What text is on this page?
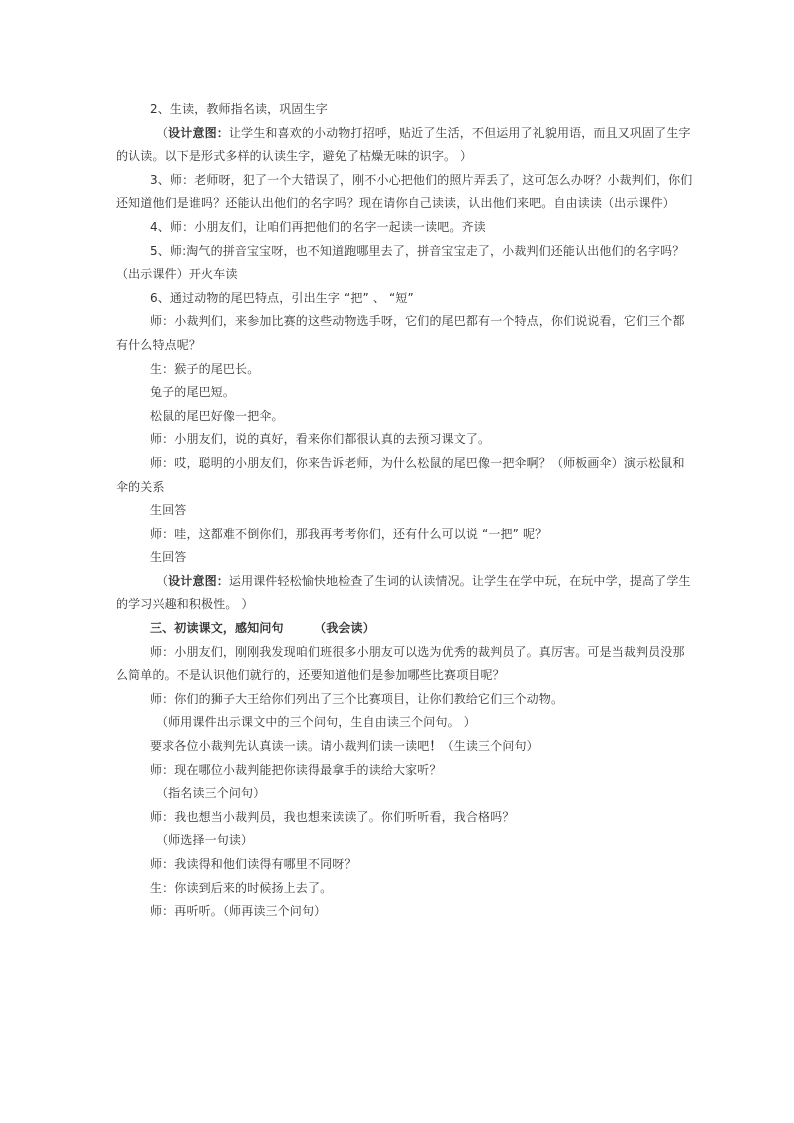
2、生读，教师指名读，巩固生字

（设计意图：让学生和喜欢的小动物打招呼，贴近了生活，不但运用了礼貌用语，而且又巩固了生字的认读。以下是形式多样的认读生字，避免了枯燥无味的识字。 ）

3、师：老师呀，犯了一个大错误了，刚不小心把他们的照片弄丢了，这可怎么办呀？小裁判们，你们还知道他们是谁吗？还能认出他们的名字吗？现在请你自己读读，认出他们来吧。自由读读（出示课件）

4、师：小朋友们，让咱们再把他们的名字一起读一读吧。齐读

5、师:淘气的拼音宝宝呀，也不知道跑哪里去了，拼音宝宝走了，小裁判们还能认出他们的名字吗？（出示课件）开火车读

6、通过动物的尾巴特点，引出生字 “把” 、 “短”

师：小裁判们，来参加比赛的这些动物选手呀，它们的尾巴都有一个特点，你们说说看，它们三个都有什么特点呢？

生：猴子的尾巴长。

兔子的尾巴短。

松鼠的尾巴好像一把伞。

师：小朋友们，说的真好，看来你们都很认真的去预习课文了。

师：哎，聪明的小朋友们，你来告诉老师，为什么松鼠的尾巴像一把伞啊？（师板画伞）演示松鼠和伞的关系

生回答

师：哇，这都难不倒你们，那我再考考你们，还有什么可以说 “一把” 呢？

生回答

（设计意图：运用课件轻松愉快地检查了生词的认读情况。让学生在学中玩，在玩中学，提高了学生的学习兴趣和积极性。 ）

三、初读课文，感知问句　　　	（我会读）

师：小朋友们，刚刚我发现咱们班很多小朋友可以选为优秀的裁判员了。真厉害。可是当裁判员没那么简单的。不是认识他们就行的，还要知道他们是参加哪些比赛项目呢？

师：你们的狮子大王给你们列出了三个比赛项目，让你们教给它们三个动物。

（师用课件出示课文中的三个问句，生自由读三个问句。 ）

要求各位小裁判先认真读一读。请小裁判们读一读吧！（生读三个问句）

师：现在哪位小裁判能把你读得最拿手的读给大家听？

（指名读三个问句）

师：我也想当小裁判员，我也想来读读了。你们听听看，我合格吗？

（师选择一句读）

师：我读得和他们读得有哪里不同呀？

生：你读到后来的时候扬上去了。

师：再听听。（师再读三个问句）
